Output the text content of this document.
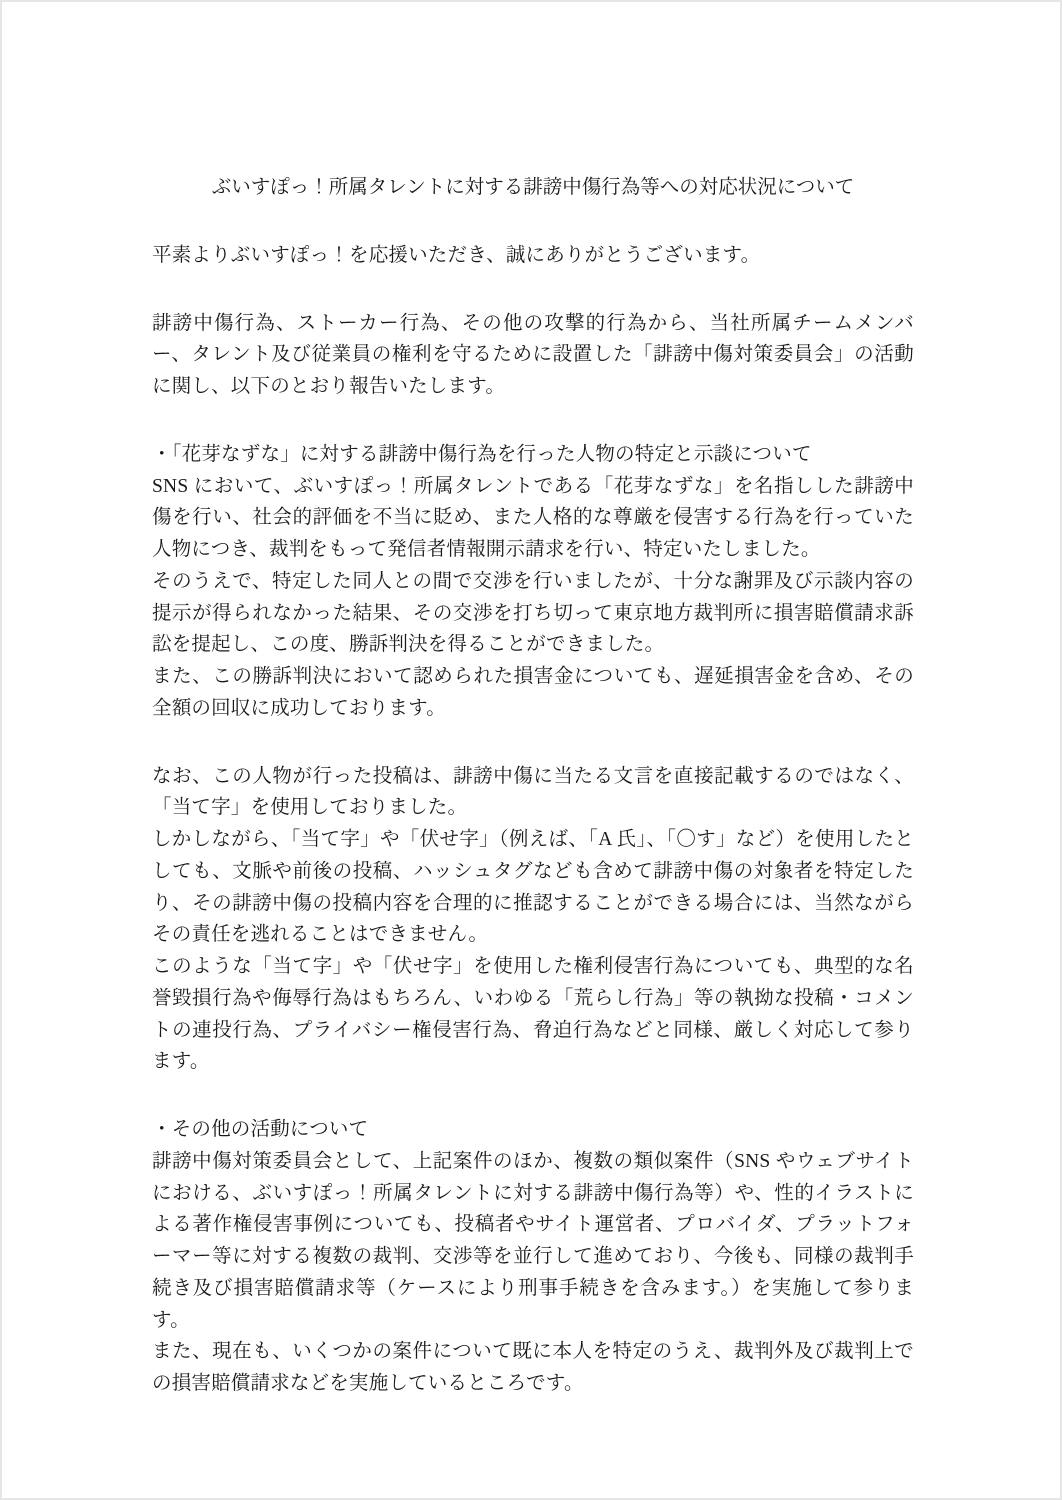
ぶいすぽっ！所属タレントに対する誹謗中傷行為等への対応状況について

平素よりぶいすぽっ！を応援いただき、誠にありがとうございます。

誹謗中傷行為、ストーカー行為、その他の攻撃的行為から、当社所属チームメンバー、タレント及び従業員の権利を守るために設置した「誹謗中傷対策委員会」の活動に関し、以下のとおり報告いたします。

・「花芽なずな」に対する誹謗中傷行為を行った人物の特定と示談について

SNS において、ぶいすぽっ！所属タレントである「花芽なずな」を名指しした誹謗中傷を行い、社会的評価を不当に貶め、また人格的な尊厳を侵害する行為を行っていた人物につき、裁判をもって発信者情報開示請求を行い、特定いたしました。

そのうえで、特定した同人との間で交渉を行いましたが、十分な謝罪及び示談内容の提示が得られなかった結果、その交渉を打ち切って東京地方裁判所に損害賠償請求訴訟を提起し、この度、勝訴判決を得ることができました。

また、この勝訴判決において認められた損害金についても、遅延損害金を含め、その全額の回収に成功しております。

なお、この人物が行った投稿は、誹謗中傷に当たる文言を直接記載するのではなく、「当て字」を使用しておりました。

しかしながら、「当て字」や「伏せ字」（例えば、「A 氏」、「〇す」など）を使用したとしても、文脈や前後の投稿、ハッシュタグなども含めて誹謗中傷の対象者を特定したり、その誹謗中傷の投稿内容を合理的に推認することができる場合には、当然ながらその責任を逃れることはできません。

このような「当て字」や「伏せ字」を使用した権利侵害行為についても、典型的な名誉毀損行為や侮辱行為はもちろん、いわゆる「荒らし行為」等の執拗な投稿・コメントの連投行為、プライバシー権侵害行為、脅迫行為などと同様、厳しく対応して参ります。

・その他の活動について

誹謗中傷対策委員会として、上記案件のほか、複数の類似案件（SNS やウェブサイトにおける、ぶいすぽっ！所属タレントに対する誹謗中傷行為等）や、性的イラストによる著作権侵害事例についても、投稿者やサイト運営者、プロバイダ、プラットフォーマー等に対する複数の裁判、交渉等を並行して進めており、今後も、同様の裁判手続き及び損害賠償請求等（ケースにより刑事手続きを含みます。）を実施して参ります。

また、現在も、いくつかの案件について既に本人を特定のうえ、裁判外及び裁判上での損害賠償請求などを実施しているところです。
